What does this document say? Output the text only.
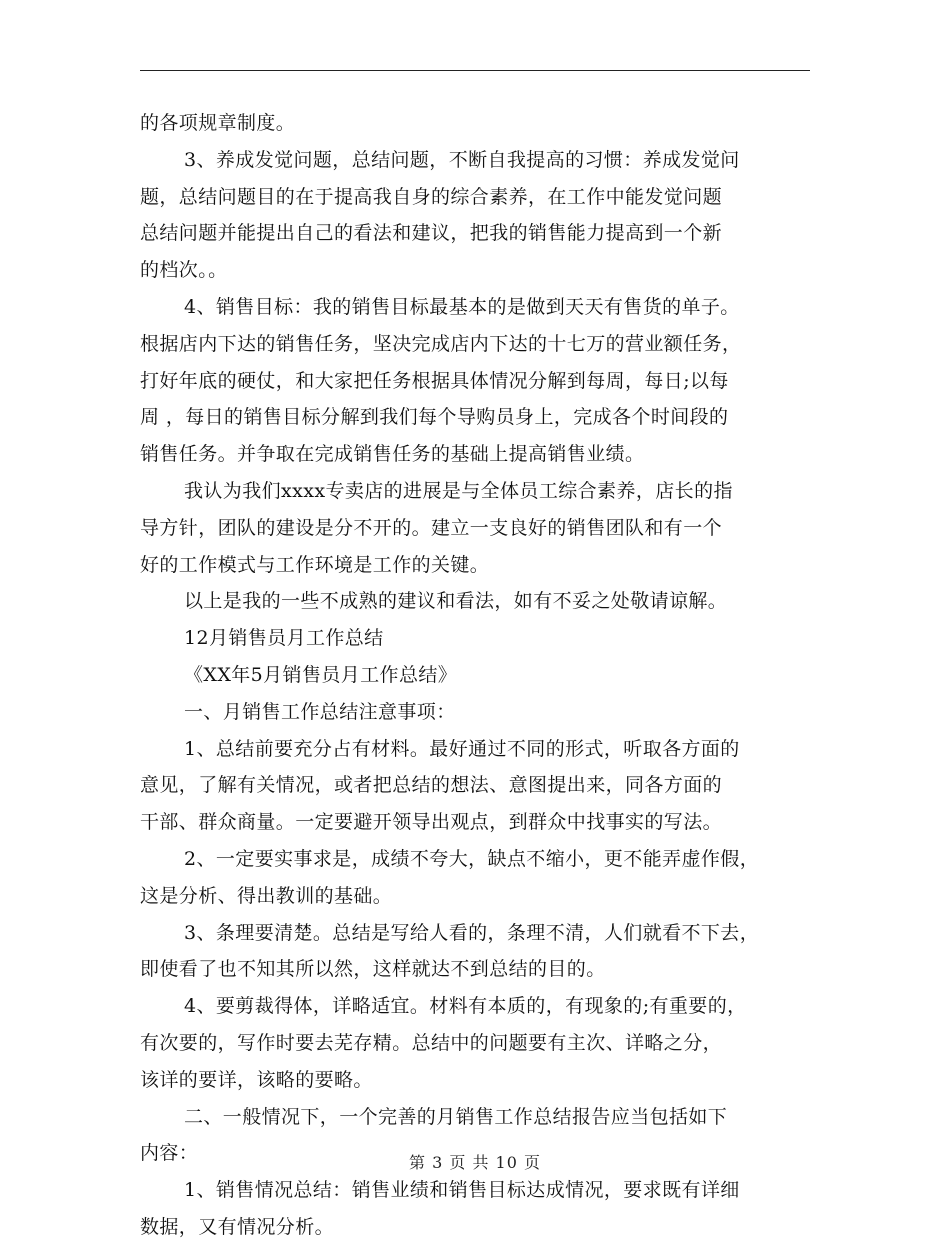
的各项规章制度。
3、养成发觉问题，总结问题，不断自我提高的习惯：养成发觉问
题，总结问题目的在于提高我自身的综合素养，在工作中能发觉问题
总结问题并能提出自己的看法和建议，把我的销售能力提高到一个新
的档次。。
4、销售目标：我的销售目标最基本的是做到天天有售货的单子。
根据店内下达的销售任务，坚决完成店内下达的十七万的营业额任务，
打好年底的硬仗，和大家把任务根据具体情况分解到每周，每日;以每
周 ，每日的销售目标分解到我们每个导购员身上，完成各个时间段的
销售任务。并争取在完成销售任务的基础上提高销售业绩。
我认为我们xxxx专卖店的进展是与全体员工综合素养，店长的指
导方针，团队的建设是分不开的。建立一支良好的销售团队和有一个
好的工作模式与工作环境是工作的关键。
以上是我的一些不成熟的建议和看法，如有不妥之处敬请谅解。
12月销售员月工作总结
《XX年5月销售员月工作总结》
一、月销售工作总结注意事项：
1、总结前要充分占有材料。最好通过不同的形式，听取各方面的
意见，了解有关情况，或者把总结的想法、意图提出来，同各方面的
干部、群众商量。一定要避开领导出观点，到群众中找事实的写法。
2、一定要实事求是，成绩不夸大，缺点不缩小，更不能弄虚作假，
这是分析、得出教训的基础。
3、条理要清楚。总结是写给人看的，条理不清，人们就看不下去，
即使看了也不知其所以然，这样就达不到总结的目的。
4、要剪裁得体，详略适宜。材料有本质的，有现象的;有重要的，
有次要的，写作时要去芜存精。总结中的问题要有主次、详略之分，
该详的要详，该略的要略。
二、一般情况下，一个完善的月销售工作总结报告应当包括如下
内容：
1、销售情况总结：销售业绩和销售目标达成情况，要求既有详细
数据，又有情况分析。
第 3 页 共 10 页
